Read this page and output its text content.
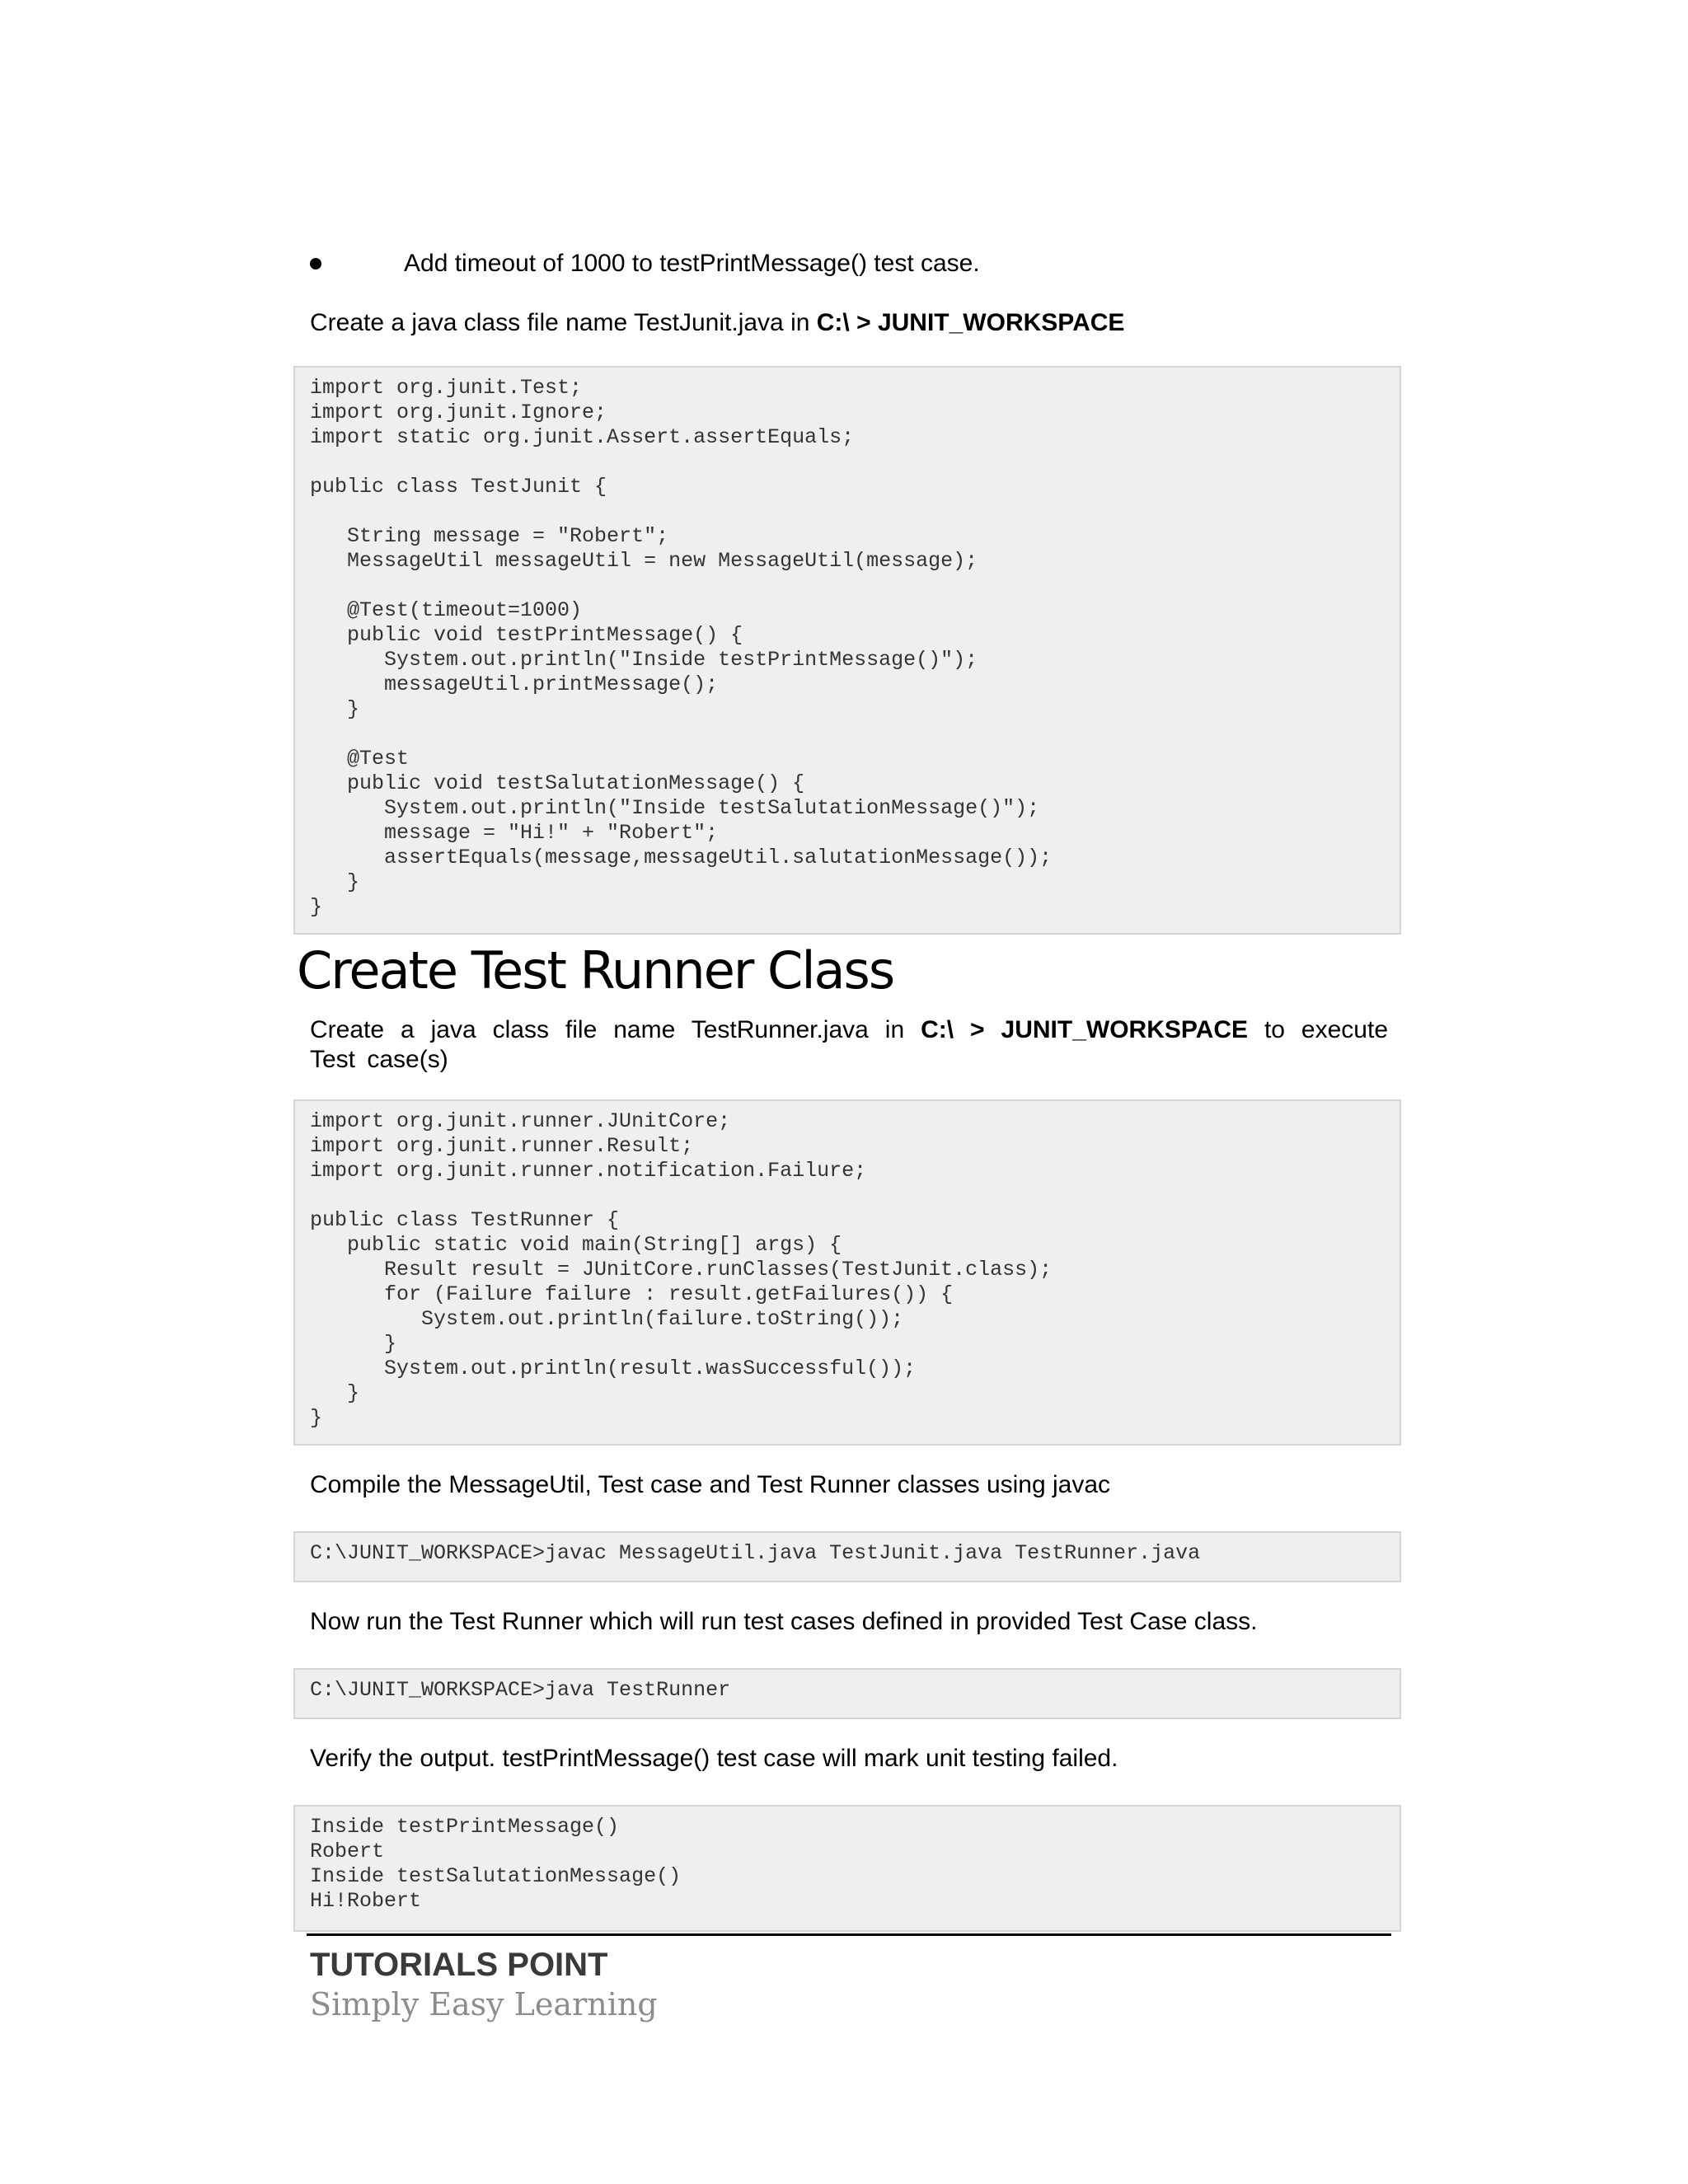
Add timeout of 1000 to testPrintMessage() test case.

Create a java class file name TestJunit.java in C:\ > JUNIT_WORKSPACE

import org.junit.Test;
import org.junit.Ignore;
import static org.junit.Assert.assertEquals;

public class TestJunit {

String message = "Robert";
MessageUtil messageUtil = new MessageUtil(message);

@Test(timeout=1000)
public void testPrintMessage() {
System.out.println("Inside testPrintMessage()");
messageUtil.printMessage();
}

@Test
public void testSalutationMessage() {
System.out.println("Inside testSalutationMessage()");
message = "Hi!" + "Robert";
assertEquals(message,messageUtil.salutationMessage());
}
}
Create Test Runner Class

Create a java class file name TestRunner.java in C:\ > JUNIT_WORKSPACE to execute Test case(s)

import org.junit.runner.JUnitCore;
import org.junit.runner.Result;
import org.junit.runner.notification.Failure;

public class TestRunner {
public static void main(String[] args) {
Result result = JUnitCore.runClasses(TestJunit.class);
for (Failure failure : result.getFailures()) {
System.out.println(failure.toString());
}
System.out.println(result.wasSuccessful());
}
}

Compile the MessageUtil, Test case and Test Runner classes using javac

C:\JUNIT_WORKSPACE>javac MessageUtil.java TestJunit.java TestRunner.java

Now run the Test Runner which will run test cases defined in provided Test Case class.

C:\JUNIT_WORKSPACE>java TestRunner

Verify the output. testPrintMessage() test case will mark unit testing failed.

Inside testPrintMessage()
Robert
Inside testSalutationMessage()
Hi!Robert
TUTORIALS POINT
Simply Easy Learning
